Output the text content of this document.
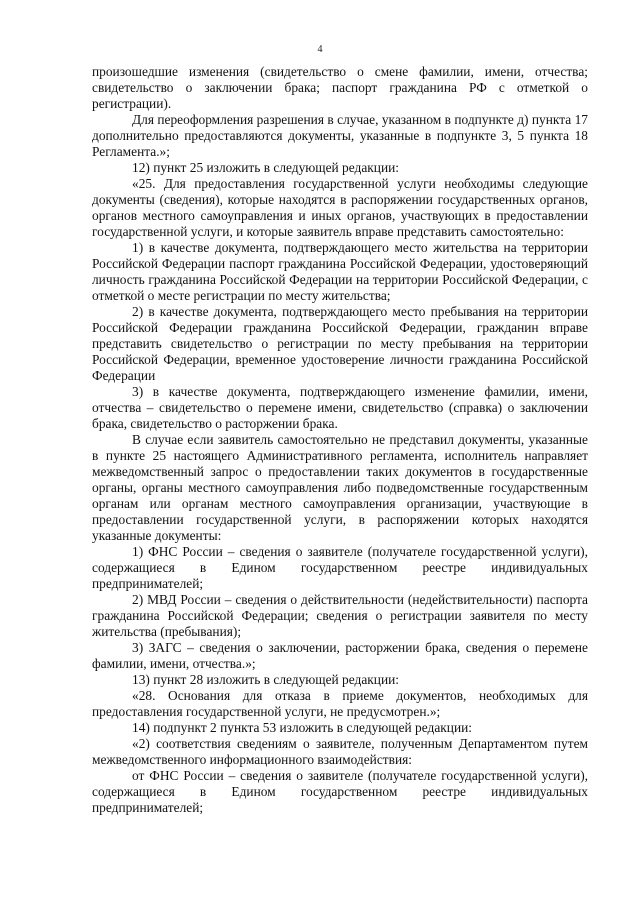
4

произошедшие изменения (свидетельство о смене фамилии, имени, отчества; свидетельство о заключении брака; паспорт гражданина РФ с отметкой о регистрации).

Для переоформления разрешения в случае, указанном в подпункте д) пункта 17 дополнительно предоставляются документы, указанные в подпункте 3, 5 пункта 18 Регламента.»;

12) пункт 25 изложить в следующей редакции:

«25. Для предоставления государственной услуги необходимы следующие документы (сведения), которые находятся в распоряжении государственных органов, органов местного самоуправления и иных органов, участвующих в предоставлении государственной услуги, и которые заявитель вправе представить самостоятельно:

1) в качестве документа, подтверждающего место жительства на территории Российской Федерации паспорт гражданина Российской Федерации, удостоверяющий личность гражданина Российской Федерации на территории Российской Федерации, с отметкой о месте регистрации по месту жительства;

2) в качестве документа, подтверждающего место пребывания на территории Российской Федерации гражданина Российской Федерации, гражданин вправе представить свидетельство о регистрации по месту пребывания на территории Российской Федерации, временное удостоверение личности гражданина Российской Федерации

3) в качестве документа, подтверждающего изменение фамилии, имени, отчества – свидетельство о перемене имени, свидетельство (справка) о заключении брака, свидетельство о расторжении брака.

В случае если заявитель самостоятельно не представил документы, указанные в пункте 25 настоящего Административного регламента, исполнитель направляет межведомственный запрос о предоставлении таких документов в государственные органы, органы местного самоуправления либо подведомственные государственным органам или органам местного самоуправления организации, участвующие в предоставлении государственной услуги, в распоряжении которых находятся указанные документы:

1) ФНС России – сведения о заявителе (получателе государственной услуги), содержащиеся в Едином государственном реестре индивидуальных предпринимателей;

2) МВД России – сведения о действительности (недействительности) паспорта гражданина Российской Федерации; сведения о регистрации заявителя по месту жительства (пребывания);

3) ЗАГС – сведения о заключении, расторжении брака, сведения о перемене фамилии, имени, отчества.»;

13) пункт 28 изложить в следующей редакции:

«28. Основания для отказа в приеме документов, необходимых для предоставления государственной услуги, не предусмотрен.»;

14) подпункт 2 пункта 53 изложить в следующей редакции:

«2) соответствия сведениям о заявителе, полученным Департаментом путем межведомственного информационного взаимодействия:

от ФНС России – сведения о заявителе (получателе государственной услуги), содержащиеся в Едином государственном реестре индивидуальных предпринимателей;
